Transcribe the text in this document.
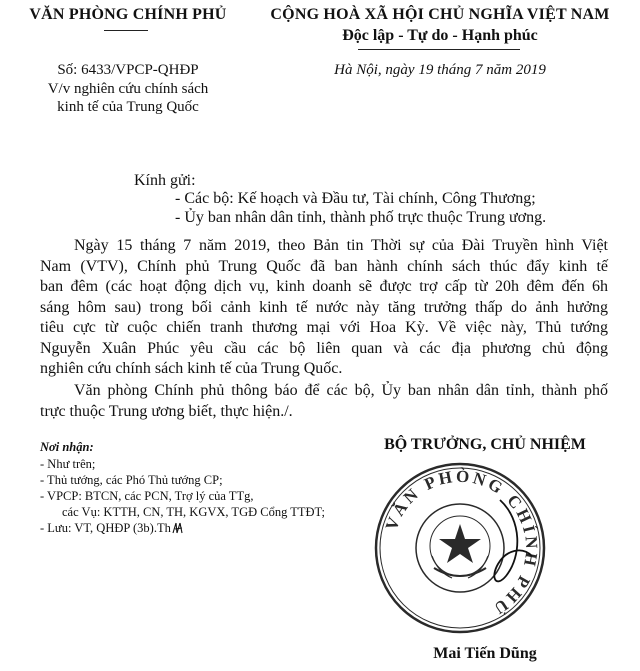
VĂN PHÒNG CHÍNH PHỦ	CỘNG HOÀ XÃ HỘI CHỦ NGHĨA VIỆT NAM
Độc lập - Tự do - Hạnh phúc
Số: 6433/VPCP-QHĐP
V/v nghiên cứu chính sách
kinh tế của Trung Quốc
Hà Nội, ngày 19 tháng 7 năm 2019
Kính gửi:
- Các bộ: Kế hoạch và Đầu tư, Tài chính, Công Thương;
- Ủy ban nhân dân tỉnh, thành phố trực thuộc Trung ương.
Ngày 15 tháng 7 năm 2019, theo Bản tin Thời sự của Đài Truyền hình Việt
Nam (VTV), Chính phủ Trung Quốc đã ban hành chính sách thúc đẩy kinh tế
ban đêm (các hoạt động dịch vụ, kinh doanh sẽ được trợ cấp từ 20h đêm đến 6h
sáng hôm sau) trong bối cảnh kinh tế nước này tăng trưởng thấp do ảnh hưởng
tiêu cực từ cuộc chiến tranh thương mại với Hoa Kỳ. Về việc này, Thủ tướng
Nguyễn Xuân Phúc yêu cầu các bộ liên quan và các địa phương chủ động
nghiên cứu chính sách kinh tế của Trung Quốc.
Văn phòng Chính phủ thông báo để các bộ, Ủy ban nhân dân tỉnh, thành phố
trực thuộc Trung ương biết, thực hiện./.
Nơi nhận:
- Như trên;
- Thủ tướng, các Phó Thủ tướng CP;
- VPCP: BTCN, các PCN, Trợ lý của TTg,
các Vụ: KTTH, CN, TH, KGVX, TGĐ Cổng TTĐT;
- Lưu: VT, QHĐP (3b).Th
BỘ TRƯỞNG, CHỦ NHIỆM
VĂN PHÒNG CHÍNH PHỦ
Mai Tiến Dũng
